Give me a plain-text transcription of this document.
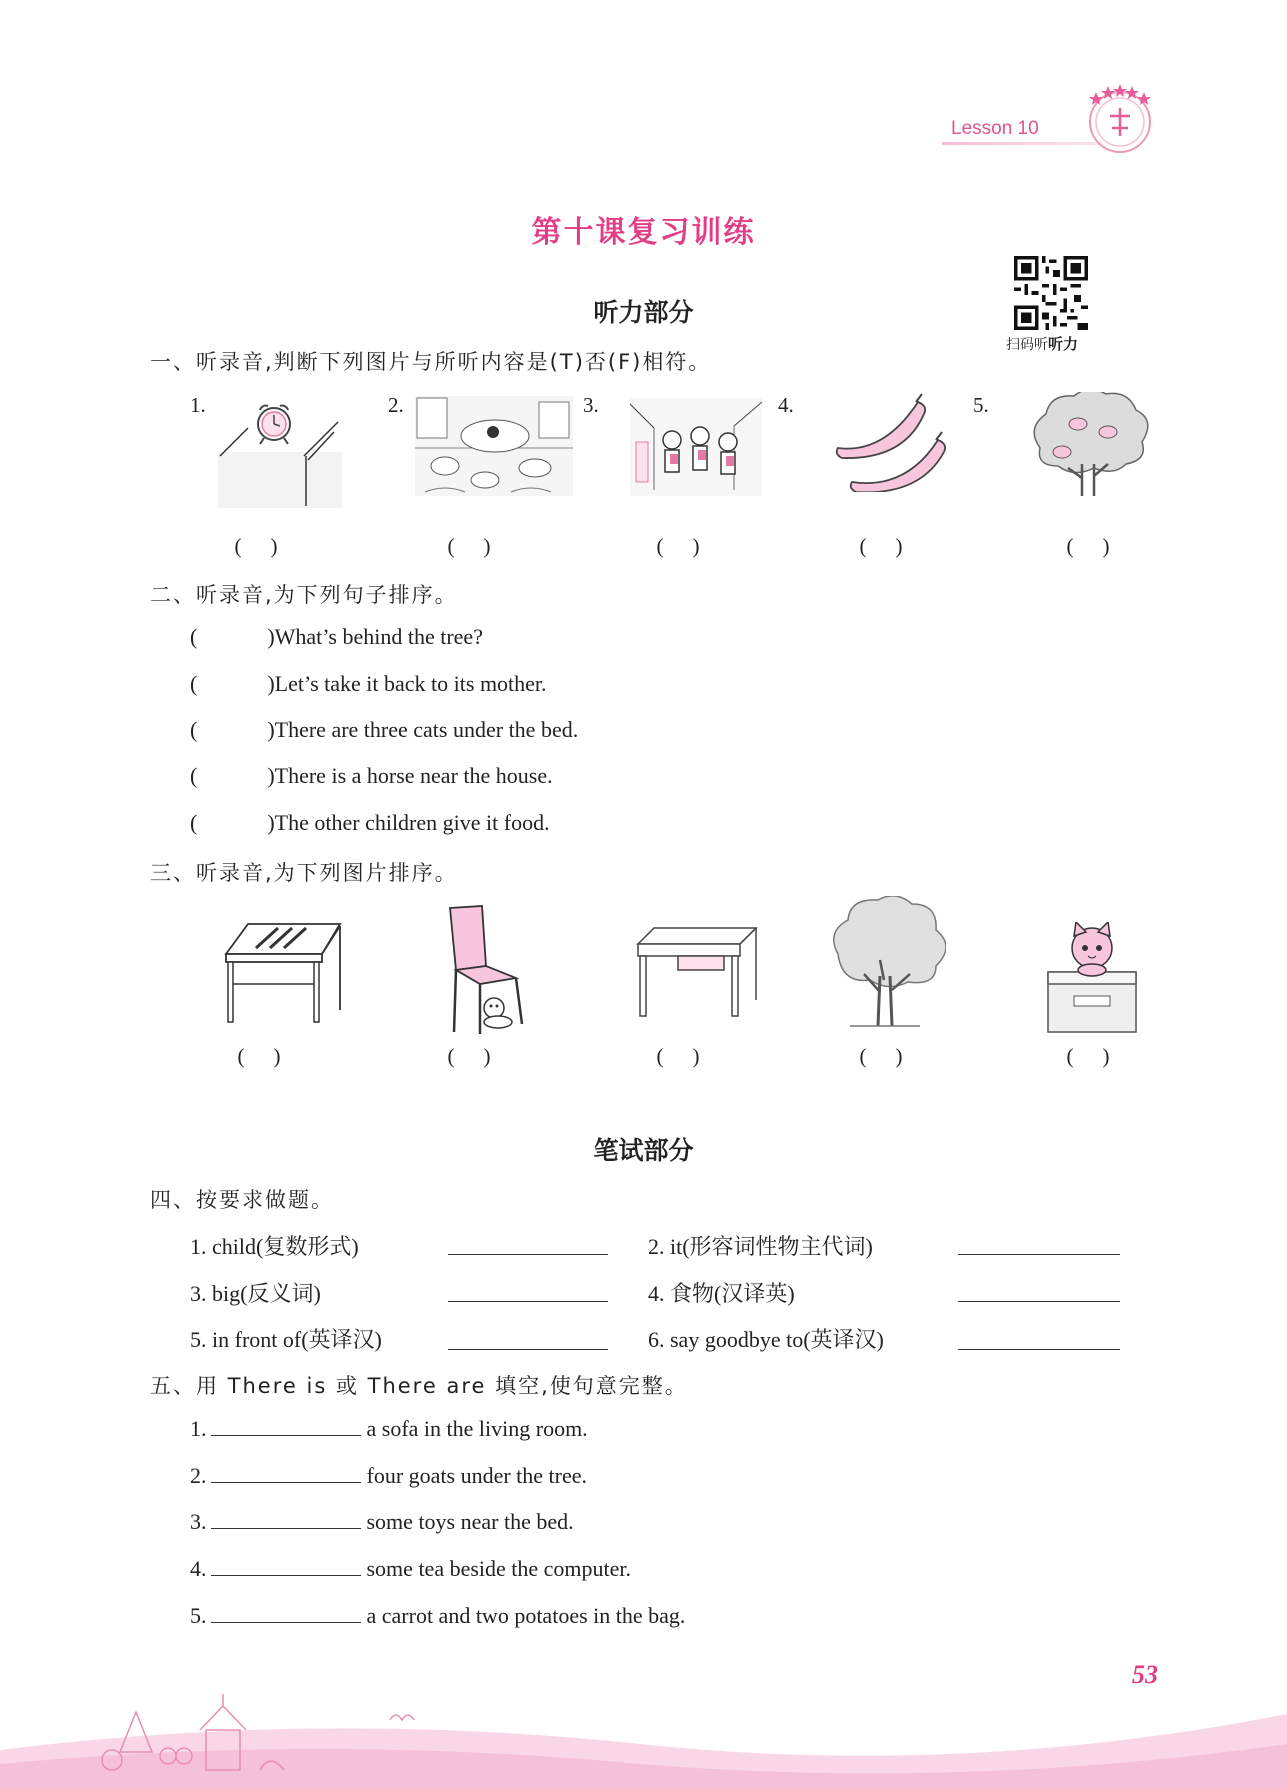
Lesson 10
第十课复习训练
扫码听听力
听力部分
一、听录音,判断下列图片与所听内容是(T)否(F)相符。
1.	2.	3.	4.	5.
(　)	(　)	(　)	(　)	(　)
二、听录音,为下列句子排序。
(	)What’s behind the tree?
(	)Let’s take it back to its mother.
(	)There are three cats under the bed.
(	)There is a horse near the house.
(	)The other children give it food.
三、听录音,为下列图片排序。
(　)	(　)	(　)	(　)	(　)
笔试部分
四、按要求做题。
1. child(复数形式)	2. it(形容词性物主代词)
3. big(反义词)	4. 食物(汉译英)
5. in front of(英译汉)	6. say goodbye to(英译汉)
五、用 There is 或 There are 填空,使句意完整。
1.	a sofa in the living room.
2.	four goats under the tree.
3.	some toys near the bed.
4.	some tea beside the computer.
5.	a carrot and two potatoes in the bag.
53
